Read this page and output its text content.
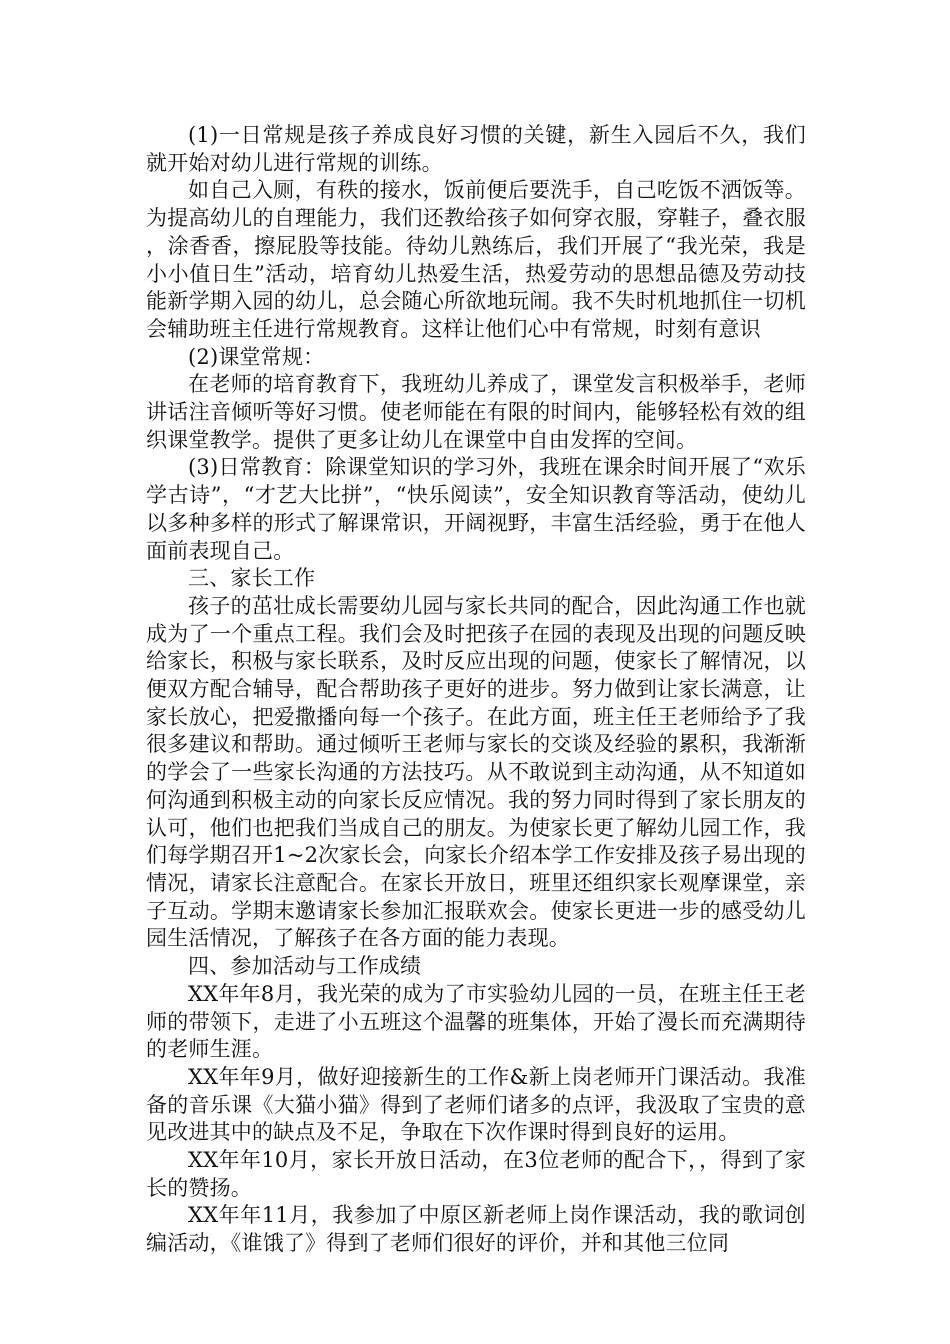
(1)一日常规是孩子养成良好习惯的关键，新生入园后不久，我们就开始对幼儿进行常规的训练。

如自己入厕，有秩的接水，饭前便后要洗手，自己吃饭不洒饭等。为提高幼儿的自理能力，我们还教给孩子如何穿衣服，穿鞋子，叠衣服，涂香香，擦屁股等技能。待幼儿熟练后，我们开展了“我光荣，我是小小值日生”活动，培育幼儿热爱生活，热爱劳动的思想品德及劳动技能新学期入园的幼儿，总会随心所欲地玩闹。我不失时机地抓住一切机会辅助班主任进行常规教育。这样让他们心中有常规，时刻有意识

(2)课堂常规：

在老师的培育教育下，我班幼儿养成了，课堂发言积极举手，老师讲话注音倾听等好习惯。使老师能在有限的时间内，能够轻松有效的组织课堂教学。提供了更多让幼儿在课堂中自由发挥的空间。

(3)日常教育：除课堂知识的学习外，我班在课余时间开展了“欢乐学古诗”，“才艺大比拼”，“快乐阅读”，安全知识教育等活动，使幼儿以多种多样的形式了解课常识，开阔视野，丰富生活经验，勇于在他人面前表现自己。

三、家长工作

孩子的茁壮成长需要幼儿园与家长共同的配合，因此沟通工作也就成为了一个重点工程。我们会及时把孩子在园的表现及出现的问题反映给家长，积极与家长联系，及时反应出现的问题，使家长了解情况，以便双方配合辅导，配合帮助孩子更好的进步。努力做到让家长满意，让家长放心，把爱撒播向每一个孩子。在此方面，班主任王老师给予了我很多建议和帮助。通过倾听王老师与家长的交谈及经验的累积，我渐渐的学会了一些家长沟通的方法技巧。从不敢说到主动沟通，从不知道如何沟通到积极主动的向家长反应情况。我的努力同时得到了家长朋友的认可，他们也把我们当成自己的朋友。为使家长更了解幼儿园工作，我们每学期召开1~2次家长会，向家长介绍本学工作安排及孩子易出现的情况，请家长注意配合。在家长开放日，班里还组织家长观摩课堂，亲子互动。学期末邀请家长参加汇报联欢会。使家长更进一步的感受幼儿园生活情况，了解孩子在各方面的能力表现。

四、参加活动与工作成绩

XX年年8月，我光荣的成为了市实验幼儿园的一员，在班主任王老师的带领下，走进了小五班这个温馨的班集体，开始了漫长而充满期待的老师生涯。

XX年年9月，做好迎接新生的工作&新上岗老师开门课活动。我准备的音乐课《大猫小猫》得到了老师们诸多的点评，我汲取了宝贵的意见改进其中的缺点及不足，争取在下次作课时得到良好的运用。

XX年年10月，家长开放日活动，在3位老师的配合下，，得到了家长的赞扬。

XX年年11月，我参加了中原区新老师上岗作课活动，我的歌词创编活动，《谁饿了》得到了老师们很好的评价，并和其他三位同
